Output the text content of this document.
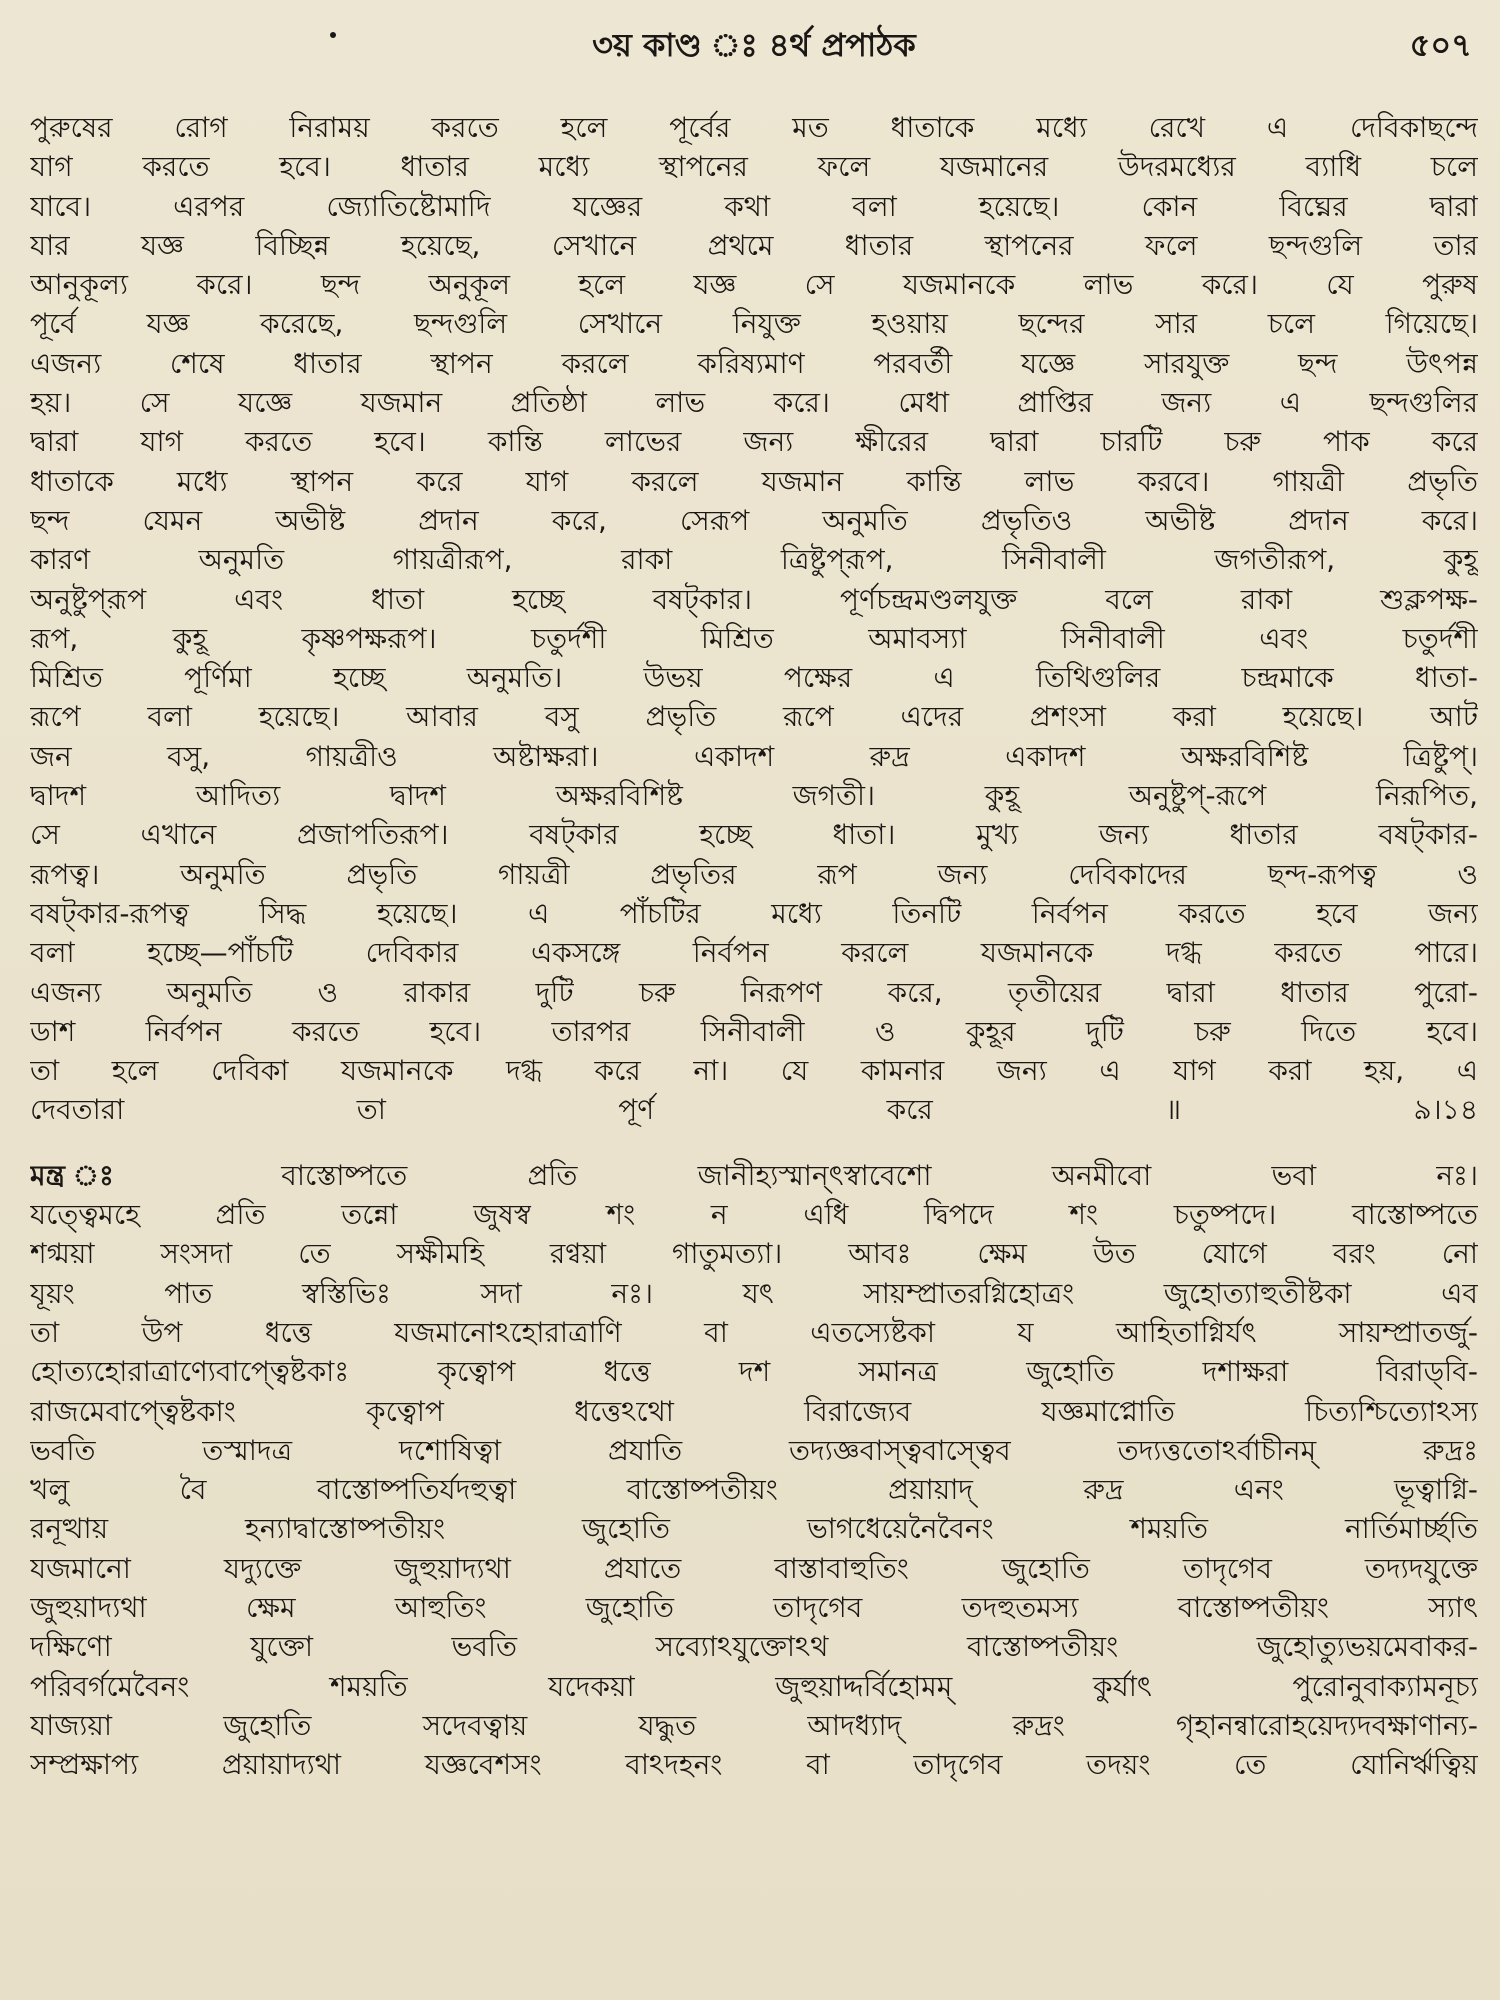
৩য় কাণ্ড ঃ ৪র্থ প্রপাঠক	৫০৭
পুরুষের রোগ নিরাময় করতে হলে পূর্বের মত ধাতাকে মধ্যে রেখে এ দেবিকাছন্দে
যাগ করতে হবে। ধাতার মধ্যে স্থাপনের ফলে যজমানের উদরমধ্যের ব্যাধি চলে
যাবে। এরপর জ্যোতিষ্টোমাদি যজ্ঞের কথা বলা হয়েছে। কোন বিঘ্নের দ্বারা
যার যজ্ঞ বিচ্ছিন্ন হয়েছে, সেখানে প্রথমে ধাতার স্থাপনের ফলে ছন্দগুলি তার
আনুকূল্য করে। ছন্দ অনুকূল হলে যজ্ঞ সে যজমানকে লাভ করে। যে পুরুষ
পূর্বে যজ্ঞ করেছে, ছন্দগুলি সেখানে নিযুক্ত হওয়ায় ছন্দের সার চলে গিয়েছে।
এজন্য শেষে ধাতার স্থাপন করলে করিষ্যমাণ পরবর্তী যজ্ঞে সারযুক্ত ছন্দ উৎপন্ন
হয়। সে যজ্ঞে যজমান প্রতিষ্ঠা লাভ করে। মেধা প্রাপ্তির জন্য এ ছন্দগুলির
দ্বারা যাগ করতে হবে। কান্তি লাভের জন্য ক্ষীরের দ্বারা চারটি চরু পাক করে
ধাতাকে মধ্যে স্থাপন করে যাগ করলে যজমান কান্তি লাভ করবে। গায়ত্রী প্রভৃতি
ছন্দ যেমন অভীষ্ট প্রদান করে, সেরূপ অনুমতি প্রভৃতিও অভীষ্ট প্রদান করে।
কারণ অনুমতি গায়ত্রীরূপ, রাকা ত্রিষ্টুপ্‌রূপ, সিনীবালী জগতীরূপ, কুহূ
অনুষ্টুপ্‌রূপ এবং ধাতা হচ্ছে বষট্‌কার। পূর্ণচন্দ্রমণ্ডলযুক্ত বলে রাকা শুক্লপক্ষ-
রূপ, কুহূ কৃষ্ণপক্ষরূপ। চতুর্দশী মিশ্রিত অমাবস্যা সিনীবালী এবং চতুর্দশী
মিশ্রিত পূর্ণিমা হচ্ছে অনুমতি। উভয় পক্ষের এ তিথিগুলির চন্দ্রমাকে ধাতা-
রূপে বলা হয়েছে। আবার বসু প্রভৃতি রূপে এদের প্রশংসা করা হয়েছে। আট
জন বসু, গায়ত্রীও অষ্টাক্ষরা। একাদশ রুদ্র একাদশ অক্ষরবিশিষ্ট ত্রিষ্টুপ্‌।
দ্বাদশ আদিত্য দ্বাদশ অক্ষরবিশিষ্ট জগতী। কুহূ অনুষ্টুপ্‌-রূপে নিরূপিত,
সে এখানে প্রজাপতিরূপ। বষট্‌কার হচ্ছে ধাতা। মুখ্য জন্য ধাতার বষট্‌কার-
রূপত্ব। অনুমতি প্রভৃতি গায়ত্রী প্রভৃতির রূপ জন্য দেবিকাদের ছন্দ-রূপত্ব ও
বষট্‌কার-রূপত্ব সিদ্ধ হয়েছে। এ পাঁচটির মধ্যে তিনটি নির্বপন করতে হবে জন্য
বলা হচ্ছে—পাঁচটি দেবিকার একসঙ্গে নির্বপন করলে যজমানকে দগ্ধ করতে পারে।
এজন্য অনুমতি ও রাকার দুটি চরু নিরূপণ করে, তৃতীয়ের দ্বারা ধাতার পুরো-
ডাশ নির্বপন করতে হবে। তারপর সিনীবালী ও কুহূর দুটি চরু দিতে হবে।
তা হলে দেবিকা যজমানকে দগ্ধ করে না। যে কামনার জন্য এ যাগ করা হয়, এ
দেবতারা তা পূর্ণ করে ॥ ৯।১৪
মন্ত্র ঃ   বাস্তোষ্পতে প্রতি জানীহ্যস্মান্‌ৎস্বাবেশো অনমীবো ভবা নঃ।
যত্ত্বেমহে প্রতি তন্নো জুষস্ব শং ন এধি দ্বিপদে শং চতুষ্পদে। বাস্তোষ্পতে
শগ্ময়া সংসদা তে সক্ষীমহি রণ্বয়া গাতুমত্যা। আবঃ ক্ষেম উত যোগে বরং নো
যূয়ং পাত স্বস্তিভিঃ সদা নঃ। যৎ সায়ম্প্রাতরগ্নিহোত্রং জুহোত্যাহুতীষ্টকা এব
তা উপ ধত্তে যজমানোঽহোরাত্রাণি বা এতস্যেষ্টকা য আহিতাগ্নির্যৎ সায়ম্প্রাতর্জু-
হোত্যহোরাত্রাণ্যেবাপ্ত্বেষ্টকাঃ কৃত্বোপ ধত্তে দশ সমানত্র জুহোতি দশাক্ষরা বিরাড্‌বি-
রাজমেবাপ্ত্বেষ্টকাং কৃত্বোপ ধত্তেঽথো বিরাজ্যেব যজ্ঞমাপ্নোতি চিত্যশ্চিত্যোঽস্য
ভবতি তস্মাদত্র দশোষিত্বা প্রযাতি তদ্যজ্ঞবাস্ত্ববাস্ত্বেব তদ্যত্ততোঽর্বাচীনম্‌ রুদ্রঃ
খলু বৈ বাস্তোষ্পতির্যদহুত্বা বাস্তোষ্পতীয়ং প্রয়ায়াদ্‌ রুদ্র এনং ভূত্বাগ্নি-
রনূত্থায় হন্যাদ্বাস্তোষ্পতীয়ং জুহোতি ভাগধেয়েনৈবৈনং শময়তি নার্তিমার্চ্ছতি
যজমানো যদ্যুক্তে জুহুয়াদ্যথা প্রযাতে বাস্তাবাহুতিং জুহোতি তাদৃগেব তদ্যদযুক্তে
জুহুয়াদ্যথা ক্ষেম আহুতিং জুহোতি তাদৃগেব তদহুতমস্য বাস্তোষ্পতীয়ং স্যাৎ
দক্ষিণো যুক্তো ভবতি সব্যোঽযুক্তোঽথ বাস্তোষ্পতীয়ং জুহোত্যুভয়মেবাকর-
পরিবর্গমেবৈনং শময়তি যদেকয়া জুহুয়াদ্দর্বিহোমম্‌ কুর্যাৎ পুরোনুবাক্যামনূচ্য
যাজ্যয়া জুহোতি সদেবত্বায় যদ্ধুত আদধ্যাদ্‌ রুদ্রং গৃহানন্বারোহয়েদ্যদবক্ষাণান্য-
সম্প্রক্ষাপ্য প্রয়ায়াদ্যথা যজ্ঞবেশসং বাঽদহনং বা তাদৃগেব তদয়ং তে যোনির্ঋত্বিয়
